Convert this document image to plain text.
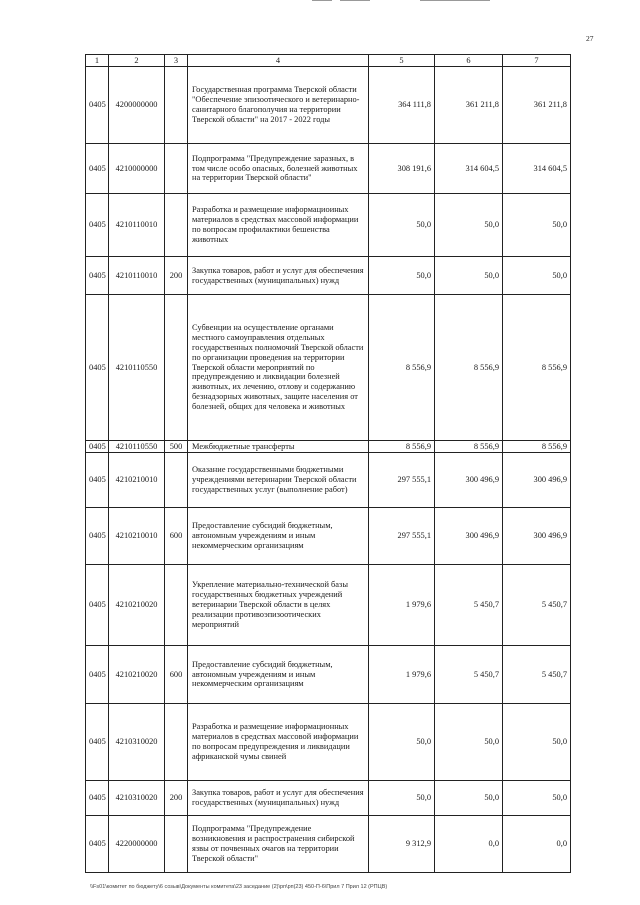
27
1	2	3	4	5	6	7
0405	4200000000		Государственная программа Тверской области "Обеспечение эпизоотического и ветеринарно-санитарного благополучия на территории Тверской области" на 2017 - 2022 годы	364 111,8	361 211,8	361 211,8
0405	4210000000		Подпрограмма "Предупреждение заразных, в том числе особо опасных, болезней животных на территории Тверской области"	308 191,6	314 604,5	314 604,5
0405	4210110010		Разработка и размещение информациоиных материалов в средствах массовой информации по вопросам профилактики бешенства животных	50,0	50,0	50,0
0405	4210110010	200	Закупка товаров, работ и услуг для обеспечения государственных (муниципальных) нужд	50,0	50,0	50,0
0405	4210110550		Субвенции на осуществление органами местного самоуправления отдельных государственных полномочий Тверской области по организации проведения на территории Тверской области мероприятий по предупреждению и ликвидации болезней животных, их лечению, отлову и содержанию безнадзорных животных, защите населения от болезней, общих для человека и животных	8 556,9	8 556,9	8 556,9
0405	4210110550	500	Межбюджетные трансферты	8 556,9	8 556,9	8 556,9
0405	4210210010		Оказание государственными бюджетными учреждениями ветеринарии Тверской области государственных услуг (выполнение работ)	297 555,1	300 496,9	300 496,9
0405	4210210010	600	Предоставление субсидий бюджетным, автономным учреждениям и иным некоммерческим организациям	297 555,1	300 496,9	300 496,9
0405	4210210020		Укрепление материально-технической базы государственных бюджетных учреждений ветеринарии Тверской области в целях реализации противоэпизоотических мероприятий	1 979,6	5 450,7	5 450,7
0405	4210210020	600	Предоставление субсидий бюджетным, автономным учреждениям и иным некоммерческим организациям	1 979,6	5 450,7	5 450,7
0405	4210310020		Разработка и размещение информационных материалов в средствах массовой информации по вопросам предупреждения и ликвидации африканской чумы свиней	50,0	50,0	50,0
0405	4210310020	200	Закупка товаров, работ и услуг для обеспечения государственных (муниципальных) нужд	50,0	50,0	50,0
0405	4220000000		Подпрограмма "Предупреждение возникновения и распространения сибирской язвы от почвенных очагов на территории Тверской области"	9 312,9	0,0	0,0
\\Fs01\комитет по бюджету\6 созыв\Документы комитета\23 заседание (2)\рп\рп(23) 450-П-6\Прил 7 Прил 12 (РПЦВ)
